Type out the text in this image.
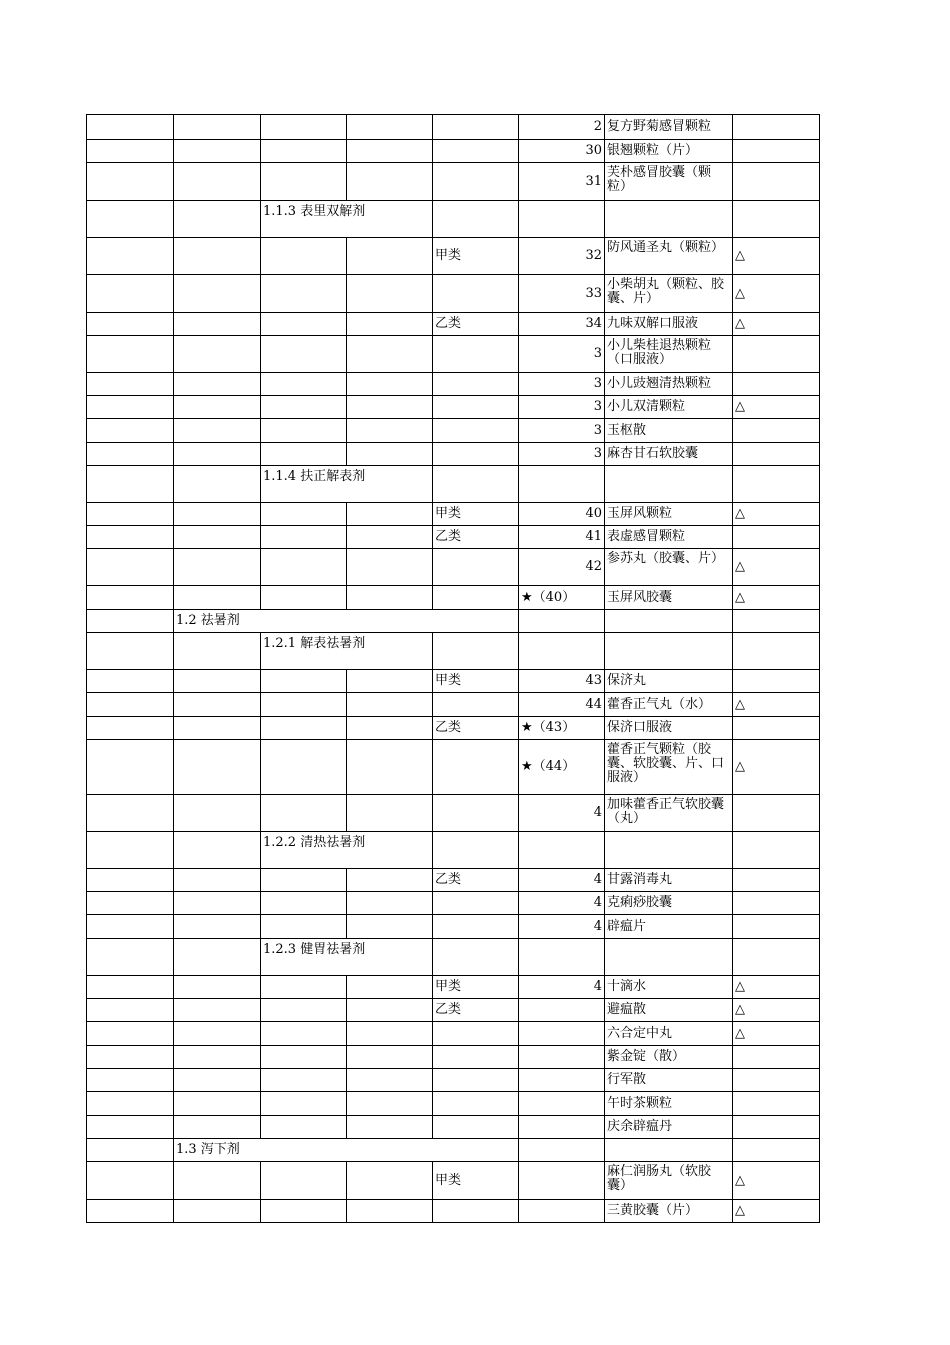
					2	复方野菊感冒颗粒	
					30	银翘颗粒（片）	
					31	芙朴感冒胶囊（颗粒）	
		1.1.3 表里双解剂					
				甲类	32	防风通圣丸（颗粒）	△
					33	小柴胡丸（颗粒、胶囊、片）	△
				乙类	34	九味双解口服液	△
					3	小儿柴桂退热颗粒（口服液）	
					3	小儿豉翘清热颗粒	
					3	小儿双清颗粒	△
					3	玉枢散	
					3	麻杏甘石软胶囊	
		1.1.4 扶正解表剂					
				甲类	40	玉屏风颗粒	△
				乙类	41	表虚感冒颗粒	
					42	参苏丸（胶囊、片）	△
					★（40）	玉屏风胶囊	△
	1.2 祛暑剂						
		1.2.1 解表祛暑剂					
				甲类	43	保济丸	
					44	藿香正气丸（水）	△
				乙类	★（43）	保济口服液	
					★（44）	藿香正气颗粒（胶囊、软胶囊、片、口服液）	△
					4	加味藿香正气软胶囊（丸）	
		1.2.2 清热祛暑剂					
				乙类	4	甘露消毒丸	
					4	克痢痧胶囊	
					4	辟瘟片	
		1.2.3 健胃祛暑剂					
				甲类	4	十滴水	△
				乙类		避瘟散	△
						六合定中丸	△
						紫金锭（散）	
						行军散	
						午时茶颗粒	
						庆余辟瘟丹	
	1.3 泻下剂						
				甲类		麻仁润肠丸（软胶囊）	△
						三黄胶囊（片）	△
